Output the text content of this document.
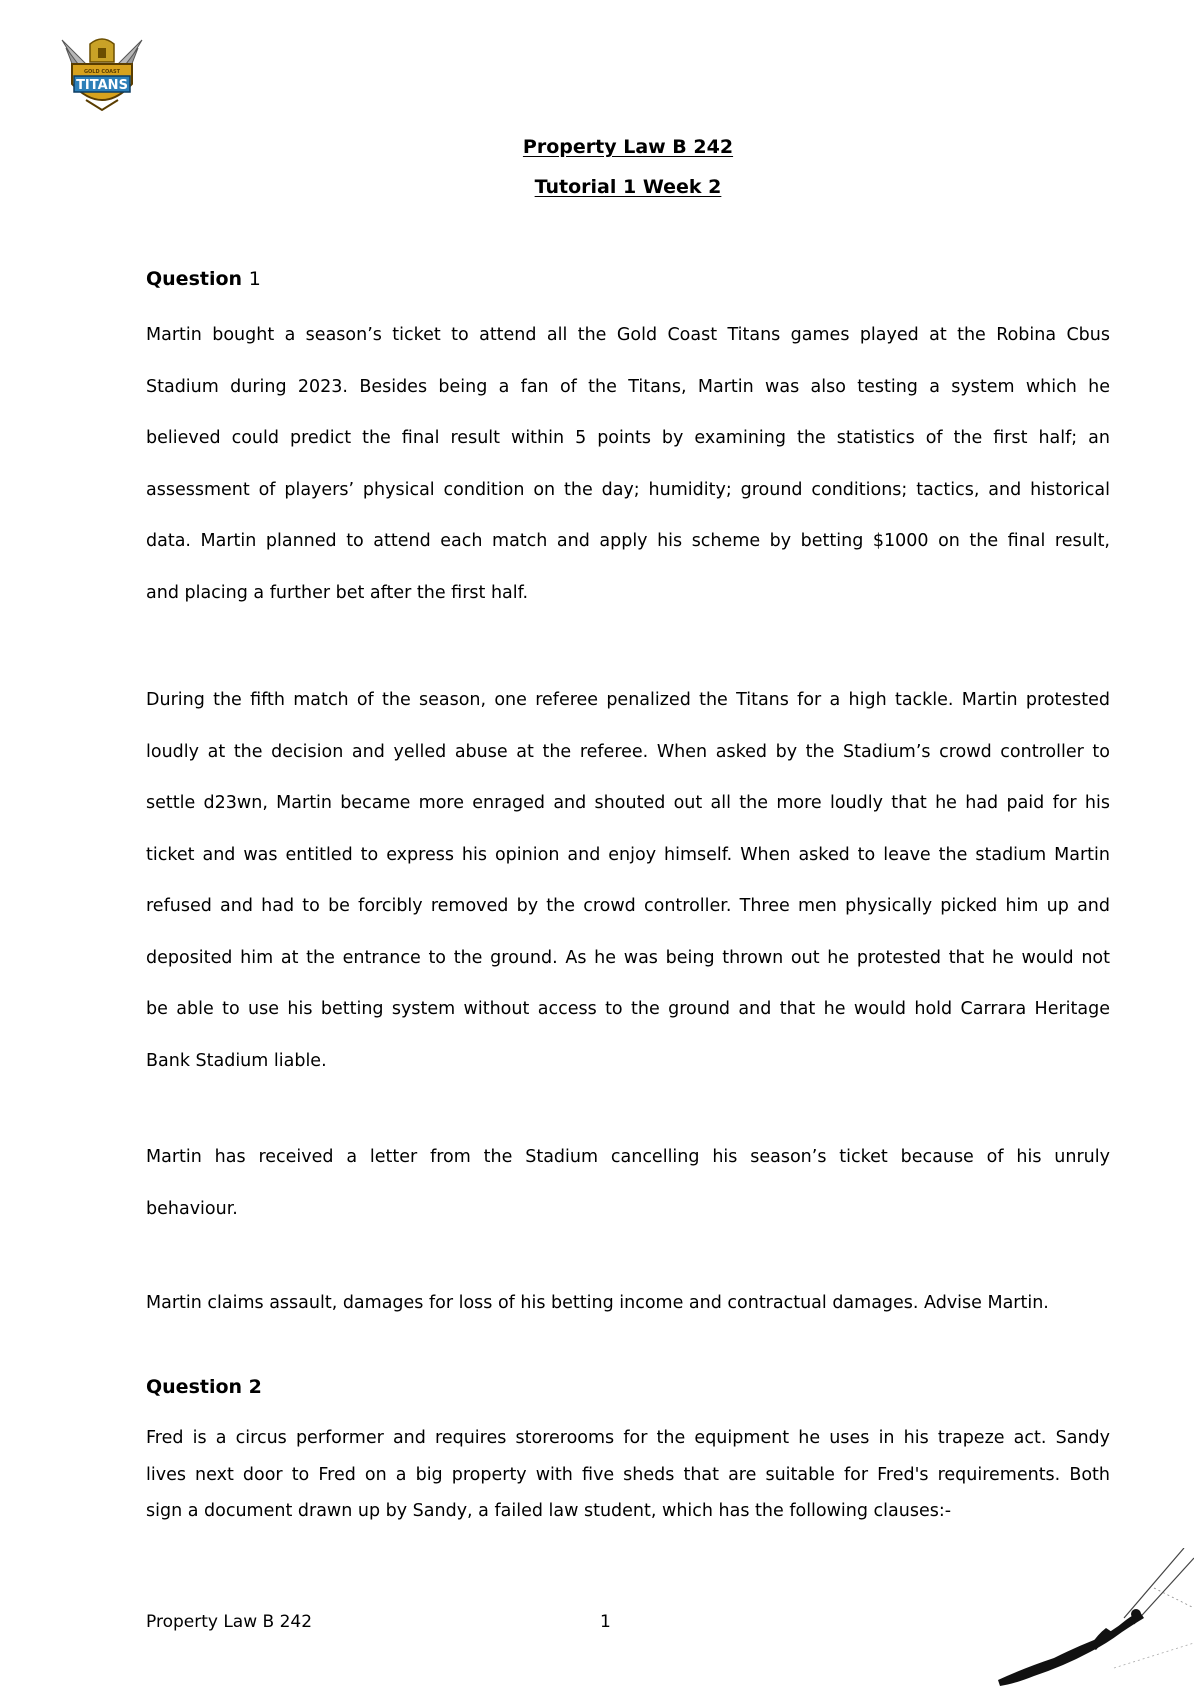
TITANS
GOLD COAST
Property Law B 242
Tutorial 1 Week 2
Question 1
Martin bought a season’s ticket to attend all the Gold Coast Titans games played at the Robina Cbus
Stadium during 2023. Besides being a fan of the Titans, Martin was also testing a system which he
believed could predict the final result within 5 points by examining the statistics of the first half; an
assessment of players’ physical condition on the day; humidity; ground conditions; tactics, and historical
data. Martin planned to attend each match and apply his scheme by betting $1000 on the final result,
and placing a further bet after the first half.
During the fifth match of the season, one referee penalized the Titans for a high tackle. Martin protested
loudly at the decision and yelled abuse at the referee. When asked by the Stadium’s crowd controller to
settle d23wn, Martin became more enraged and shouted out all the more loudly that he had paid for his
ticket and was entitled to express his opinion and enjoy himself. When asked to leave the stadium Martin
refused and had to be forcibly removed by the crowd controller. Three men physically picked him up and
deposited him at the entrance to the ground. As he was being thrown out he protested that he would not
be able to use his betting system without access to the ground and that he would hold Carrara Heritage
Bank Stadium liable.
Martin has received a letter from the Stadium cancelling his season’s ticket because of his unruly
behaviour.
Martin claims assault, damages for loss of his betting income and contractual damages. Advise Martin.
Question 2
Fred is a circus performer and requires storerooms for the equipment he uses in his trapeze act. Sandy
lives next door to Fred on a big property with five sheds that are suitable for Fred's requirements. Both
sign a document drawn up by Sandy, a failed law student, which has the following clauses:-
Property Law B 242	1
